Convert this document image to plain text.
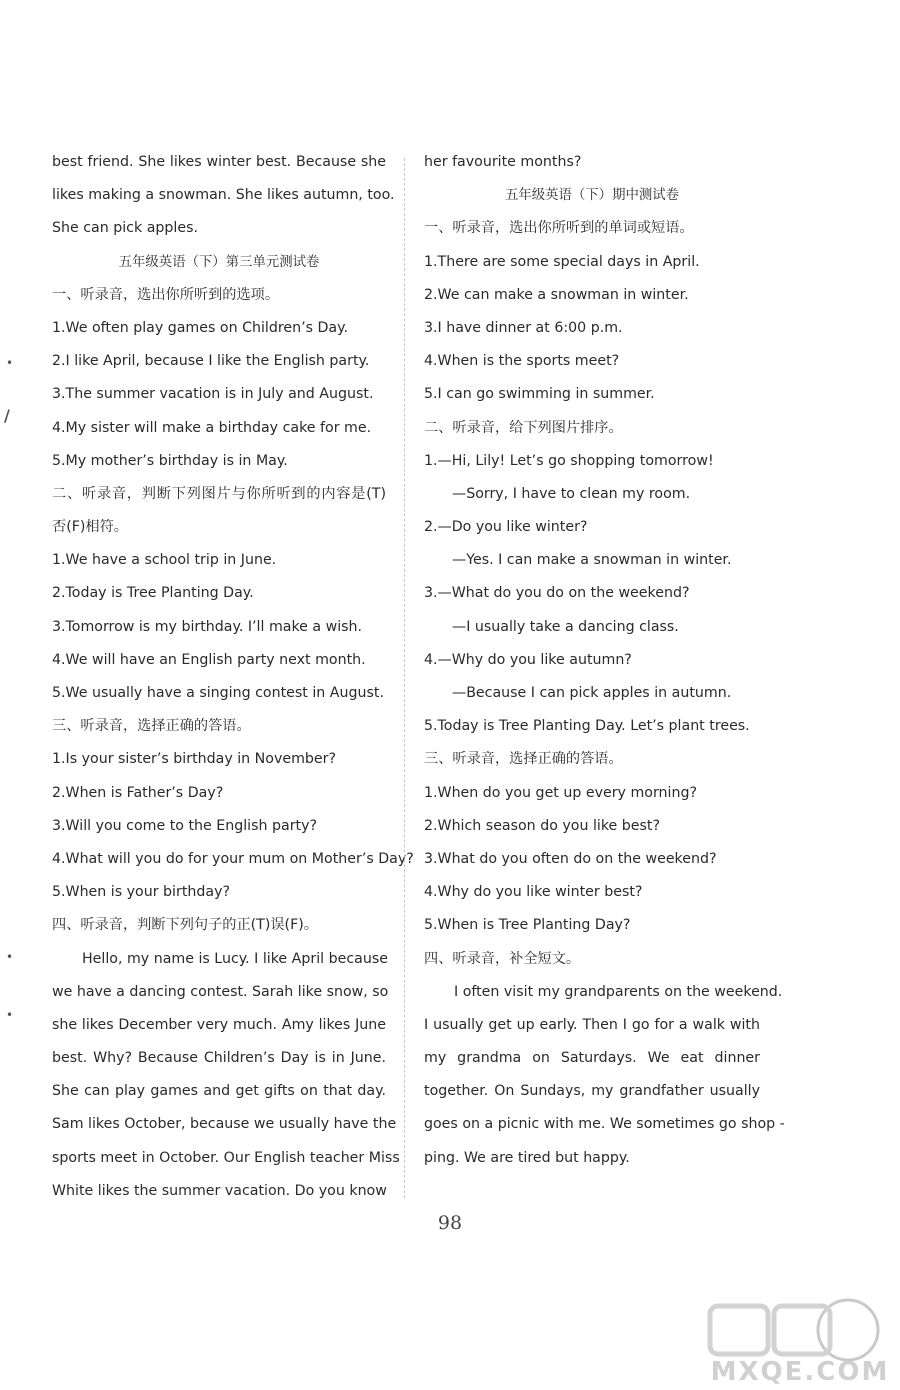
best friend. She likes winter best. Because she
likes making a snowman. She likes autumn, too.
She can pick apples.
五年级英语（下）第三单元测试卷
一、听录音，选出你所听到的选项。
1.We often play games on Children’s Day.
2.I like April, because I like the English party.
3.The summer vacation is in July and August.
4.My sister will make a birthday cake for me.
5.My mother’s birthday is in May.
二、听录音，判断下列图片与你所听到的内容是(T)
否(F)相符。
1.We have a school trip in June.
2.Today is Tree Planting Day.
3.Tomorrow is my birthday. I’ll make a wish.
4.We will have an English party next month.
5.We usually have a singing contest in August.
三、听录音，选择正确的答语。
1.Is your sister’s birthday in November?
2.When is Father’s Day?
3.Will you come to the English party?
4.What will you do for your mum on Mother’s Day?
5.When is your birthday?
四、听录音，判断下列句子的正(T)误(F)。
Hello, my name is Lucy. I like April because
we have a dancing contest. Sarah like snow, so
she likes December very much. Amy likes June
best. Why? Because Children’s Day is in June.
She can play games and get gifts on that day.
Sam likes October, because we usually have the
sports meet in October. Our English teacher Miss
White likes the summer vacation. Do you know
her favourite months?
五年级英语（下）期中测试卷
一、听录音，选出你所听到的单词或短语。
1.There are some special days in April.
2.We can make a snowman in winter.
3.I have dinner at 6:00 p.m.
4.When is the sports meet?
5.I can go swimming in summer.
二、听录音，给下列图片排序。
1.—Hi, Lily! Let’s go shopping tomorrow!
—Sorry, I have to clean my room.
2.—Do you like winter?
—Yes. I can make a snowman in winter.
3.—What do you do on the weekend?
—I usually take a dancing class.
4.—Why do you like autumn?
—Because I can pick apples in autumn.
5.Today is Tree Planting Day. Let’s plant trees.
三、听录音，选择正确的答语。
1.When do you get up every morning?
2.Which season do you like best?
3.What do you often do on the weekend?
4.Why do you like winter best?
5.When is Tree Planting Day?
四、听录音，补全短文。
I often visit my grandparents on the weekend.
I usually get up early. Then I go for a walk with
my grandma on Saturdays. We eat dinner
together. On Sundays, my grandfather usually
goes on a picnic with me. We sometimes go shop -
ping. We are tired but happy.
98
•
/
•
•
MXQE.COM
